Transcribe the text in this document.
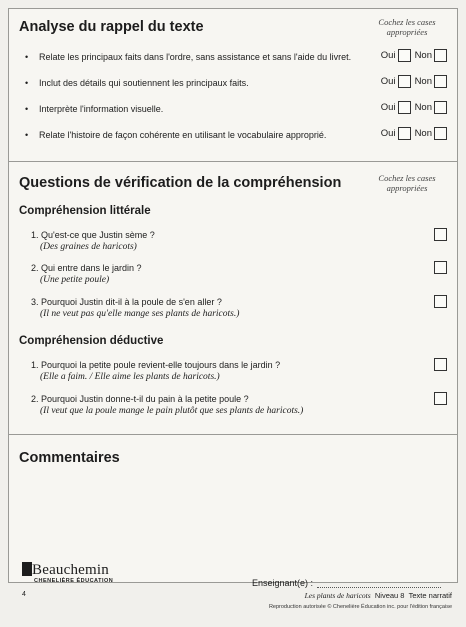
Analyse du rappel du texte	Cochez les cases appropriées
• Relate les principaux faits dans l'ordre, sans assistance et sans l'aide du livret.	Oui Non
• Inclut des détails qui soutiennent les principaux faits.	Oui Non
• Interprète l'information visuelle.	Oui Non
• Relate l'histoire de façon cohérente en utilisant le vocabulaire approprié.	Oui Non
Questions de vérification de la compréhension	Cochez les cases appropriées
Compréhension littérale
1. Qu'est-ce que Justin sème ?
(Des graines de haricots)
2. Qui entre dans le jardin ?
(Une petite poule)
3. Pourquoi Justin dit-il à la poule de s'en aller ?
(Il ne veut pas qu'elle mange ses plants de haricots.)
Compréhension déductive
1. Pourquoi la petite poule revient-elle toujours dans le jardin ?
(Elle a faim. / Elle aime les plants de haricots.)
2. Pourquoi Justin donne-t-il du pain à la petite poule ?
(Il veut que la poule mange le pain plutôt que ses plants de haricots.)
Commentaires
Beauchemin
CHENELIÈRE ÉDUCATION
4
Enseignant(e) :
Les plants de haricots Niveau 8 Texte narratif
Reproduction autorisée © Chenelière Éducation inc. pour l'édition française
